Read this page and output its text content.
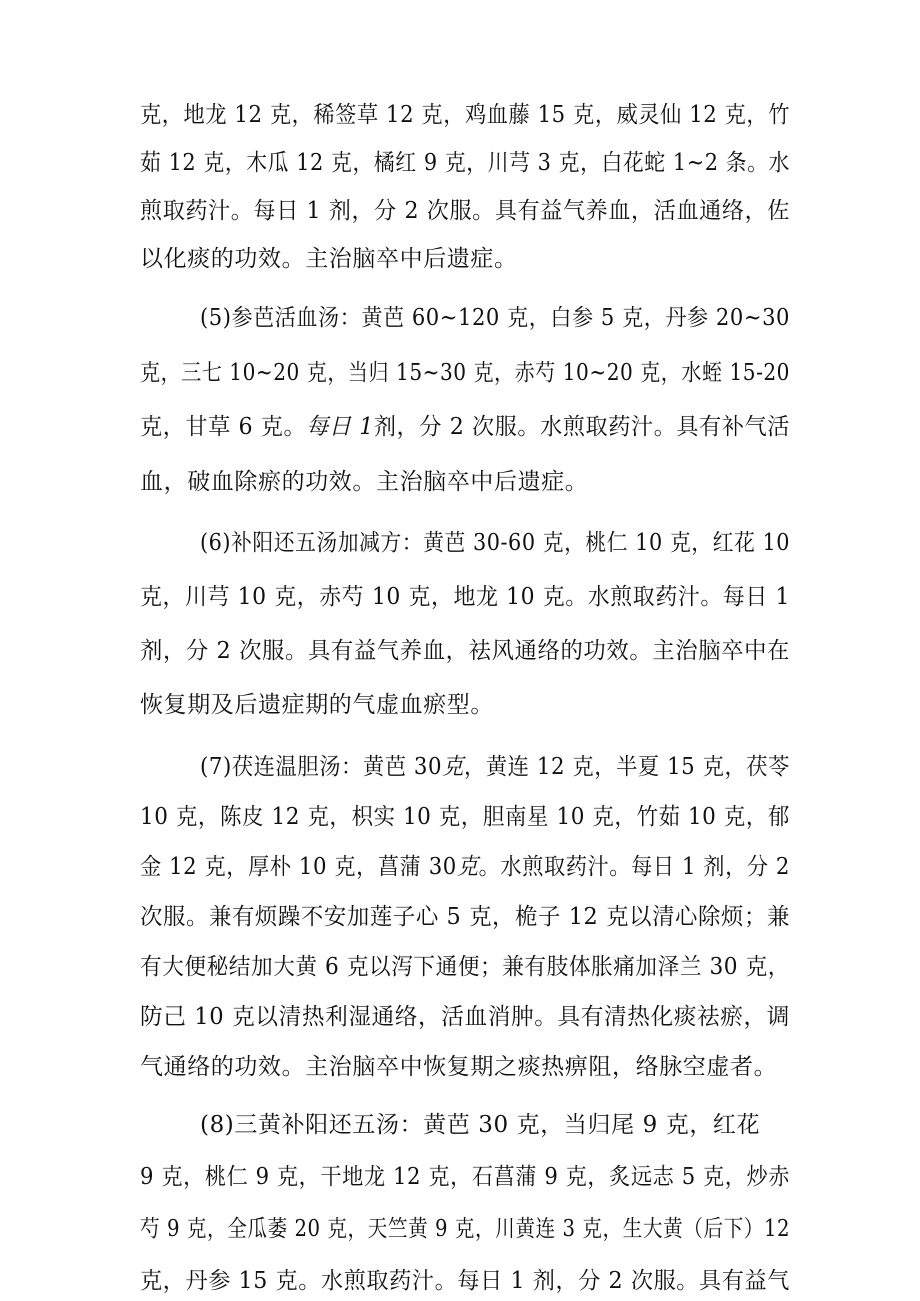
克，地龙 12 克，稀签草 12 克，鸡血藤 15 克，威灵仙 12 克，竹
茹 12 克，木瓜 12 克，橘红 9 克，川芎 3 克，白花蛇 1~2 条。水
煎取药汁。每日 1 剂，分 2 次服。具有益气养血，活血通络，佐
以化痰的功效。主治脑卒中后遗症。
(5)参芭活血汤：黄芭 60~120 克，白参 5 克，丹参 20~30
克，三七 10~20 克，当归 15~30 克，赤芍 10~20 克，水蛭 15-20
克，甘草 6 克。每日 1剂，分 2 次服。水煎取药汁。具有补气活
血，破血除瘀的功效。主治脑卒中后遗症。
(6)补阳还五汤加减方：黄芭 30-60 克，桃仁 10 克，红花 10
克，川芎 10 克，赤芍 10 克，地龙 10 克。水煎取药汁。每日 1
剂，分 2 次服。具有益气养血，祛风通络的功效。主治脑卒中在
恢复期及后遗症期的气虚血瘀型。
(7)茯连温胆汤：黄芭 30克，黄连 12 克，半夏 15 克，茯苓
10 克，陈皮 12 克，枳实 10 克，胆南星 10 克，竹茹 10 克，郁
金 12 克，厚朴 10 克，菖蒲 30克。水煎取药汁。每日 1 剂，分 2
次服。兼有烦躁不安加莲子心 5 克，桅子 12 克以清心除烦；兼
有大便秘结加大黄 6 克以泻下通便；兼有肢体胀痛加泽兰 30 克，
防己 10 克以清热利湿通络，活血消肿。具有清热化痰祛瘀，调
气通络的功效。主治脑卒中恢复期之痰热痹阻，络脉空虚者。
(8)三黄补阳还五汤：黄芭 30 克，当归尾 9 克，红花
9 克，桃仁 9 克，干地龙 12 克，石菖蒲 9 克，炙远志 5 克，炒赤
芍 9 克，全瓜萎 20 克，天竺黄 9 克，川黄连 3 克，生大黄（后下）12
克，丹参 15 克。水煎取药汁。每日 1 剂，分 2 次服。具有益气
